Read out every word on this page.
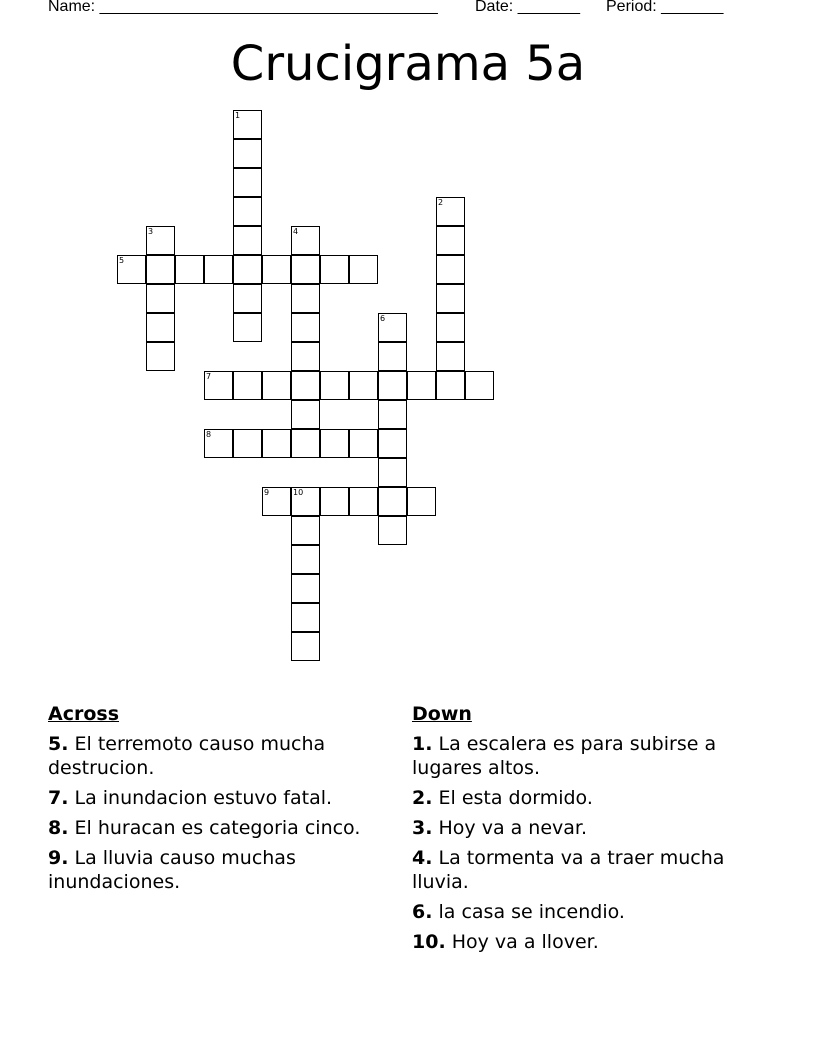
Name: ______________________________________ Date: _______ Period: _______
Crucigrama 5a
1
2
3	4
5
6
7
8
9	10
Across
5. El terremoto causo mucha destrucion.
7. La inundacion estuvo fatal.
8. El huracan es categoria cinco.
9. La lluvia causo muchas inundaciones.
Down
1. La escalera es para subirse a lugares altos.
2. El esta dormido.
3. Hoy va a nevar.
4. La tormenta va a traer mucha lluvia.
6. la casa se incendio.
10. Hoy va a llover.
